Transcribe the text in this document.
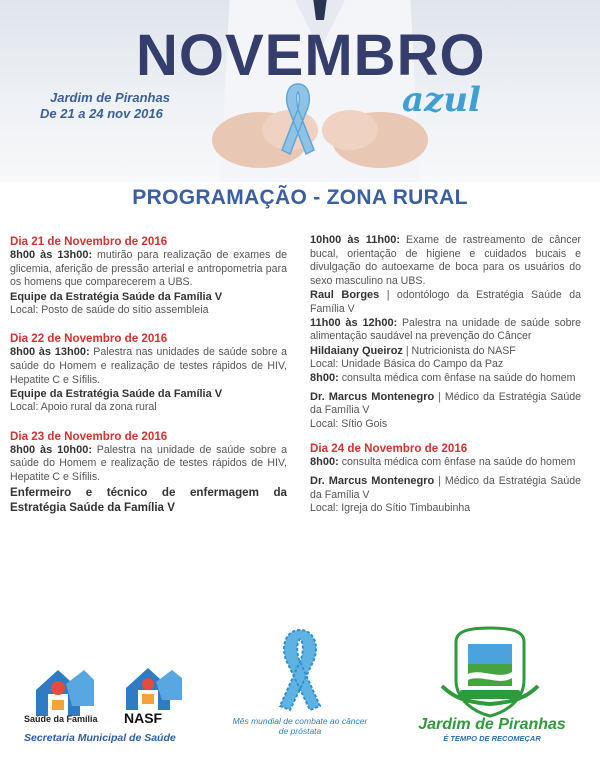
NOVEMBRO
azul
Jardim de Piranhas
De 21 a 24 nov 2016
PROGRAMAÇÃO - ZONA RURAL
Dia 21 de Novembro de 2016
8h00 às 13h00: mutirão para realização de exames de glicemia, aferição de pressão arterial e antropometria para os homens que comparecerem a UBS.
Equipe da Estratégia Saúde da Família V
Local: Posto de saúde do sítio assembleia
Dia 22 de Novembro de 2016
8h00 às 13h00: Palestra nas unidades de saúde sobre a saúde do Homem e realização de testes rápidos de HIV, Hepatite C e Sífilis.
Equipe da Estratégia Saúde da Família V
Local: Apoio rural da zona rural
Dia 23 de Novembro de 2016
8h00 às 10h00: Palestra na unidade de saúde sobre a saúde do Homem e realização de testes rápidos de HIV, Hepatite C e Sífilis.
Enfermeiro e técnico de enfermagem da Estratégia Saúde da Família V
10h00 às 11h00: Exame de rastreamento de câncer bucal, orientação de higiene e cuidados bucais e divulgação do autoexame de boca para os usuários do sexo masculino na UBS.
Raul Borges | odontólogo da Estratégia Saúde da Família V
11h00 às 12h00: Palestra na unidade de saúde sobre alimentação saudável na prevenção do Câncer
Hildaiany Queiroz | Nutricionista do NASF
Local: Unidade Básica do Campo da Paz
8h00: consulta médica com ênfase na saúde do homem
Dr. Marcus Montenegro | Médico da Estratégia Saúde da Família V
Local: Sítio Gois
Dia 24 de Novembro de 2016
8h00: consulta médica com ênfase na saúde do homem
Dr. Marcus Montenegro | Médico da Estratégia Saúde da Família V
Local: Igreja do Sítio Timbaubinha
Saúde da Família NASF
Secretaria Municipal de Saúde
Mês mundial de combate ao câncer de próstata	Jardim de Piranhas
É TEMPO DE RECOMEÇAR
